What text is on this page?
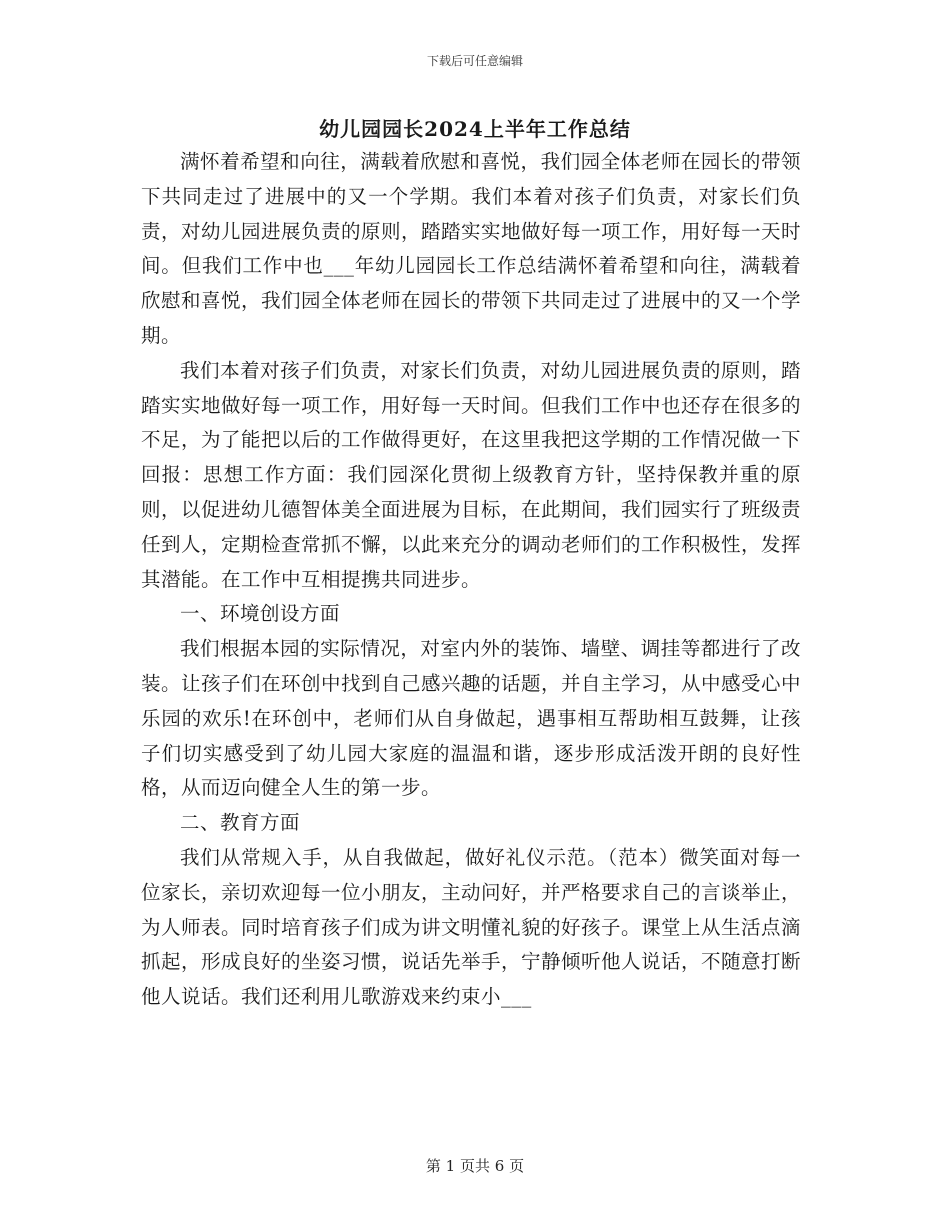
下载后可任意编辑
幼儿园园长2024上半年工作总结

满怀着希望和向往，满载着欣慰和喜悦，我们园全体老师在园长的带领下共同走过了进展中的又一个学期。我们本着对孩子们负责，对家长们负责，对幼儿园进展负责的原则，踏踏实实地做好每一项工作，用好每一天时间。但我们工作中也___年幼儿园园长工作总结满怀着希望和向往，满载着欣慰和喜悦，我们园全体老师在园长的带领下共同走过了进展中的又一个学期。

我们本着对孩子们负责，对家长们负责，对幼儿园进展负责的原则，踏踏实实地做好每一项工作，用好每一天时间。但我们工作中也还存在很多的不足，为了能把以后的工作做得更好，在这里我把这学期的工作情况做一下回报：思想工作方面：我们园深化贯彻上级教育方针，坚持保教并重的原则，以促进幼儿德智体美全面进展为目标，在此期间，我们园实行了班级责任到人，定期检查常抓不懈，以此来充分的调动老师们的工作积极性，发挥其潜能。在工作中互相提携共同进步。

一、环境创设方面

我们根据本园的实际情况，对室内外的装饰、墙壁、调挂等都进行了改装。让孩子们在环创中找到自己感兴趣的话题，并自主学习，从中感受心中乐园的欢乐!在环创中，老师们从自身做起，遇事相互帮助相互鼓舞，让孩子们切实感受到了幼儿园大家庭的温温和谐，逐步形成活泼开朗的良好性格，从而迈向健全人生的第一步。

二、教育方面

我们从常规入手，从自我做起，做好礼仪示范。（范本）微笑面对每一位家长，亲切欢迎每一位小朋友，主动问好，并严格要求自己的言谈举止，为人师表。同时培育孩子们成为讲文明懂礼貌的好孩子。课堂上从生活点滴抓起，形成良好的坐姿习惯，说话先举手，宁静倾听他人说话，不随意打断他人说话。我们还利用儿歌游戏来约束小___

第 1 页共 6 页
